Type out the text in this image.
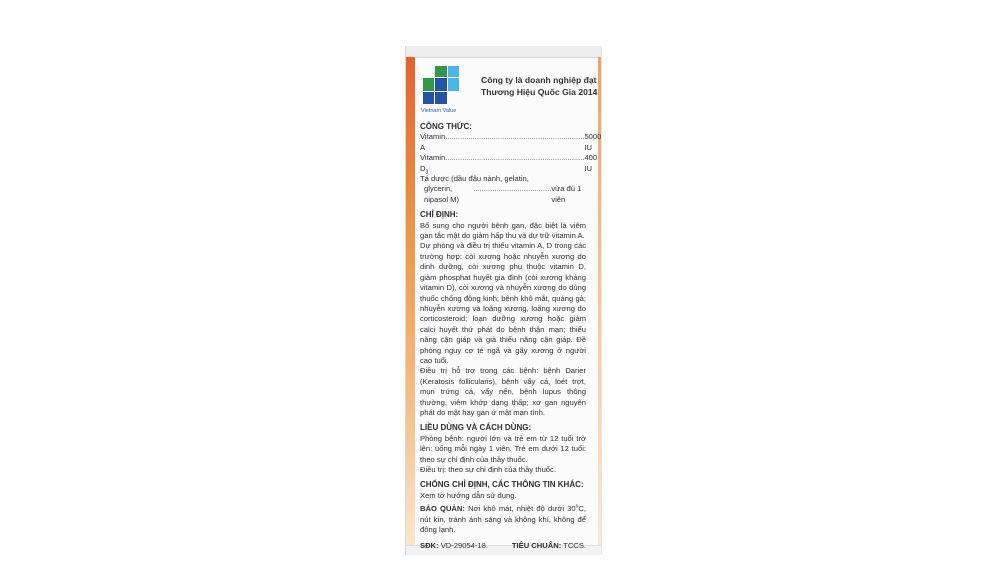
Vietnam Value
Công ty là doanh nghiệp đạt
Thương Hiệu Quốc Gia 2014
CÔNG THỨC:
Vitamin A
.................................................................. 5000 IU
Vitamin $D_3$
.................................................................. 400 IU
Tá dược (dầu đậu nành, gelatin,
glycerin, nipasol M)
..................................... vừa đủ 1 viên
CHỈ ĐỊNH:

Bổ sung cho người bệnh gan, đặc biệt là viêm gan tắc mật do giảm hấp thu và dự trữ vitamin A.

Dự phòng và điều trị thiếu vitamin A, D trong các trường hợp: còi xương hoặc nhuyễn xương do dinh dưỡng, còi xương phụ thuộc vitamin D, giảm phosphat huyết gia đình (còi xương kháng vitamin D), còi xương và nhuyễn xương do dùng thuốc chống động kinh; bệnh khô mắt, quáng gà; nhuyễn xương và loãng xương, loãng xương do corticosteroid; loạn dưỡng xương hoặc giảm calci huyết thứ phát do bệnh thận mạn; thiểu năng cận giáp và giả thiểu năng cận giáp. Đề phòng nguy cơ té ngã và gãy xương ở người cao tuổi.

Điều trị hỗ trợ trong các bệnh: bệnh Darier (Keratosis follicularis), bệnh vẩy cá, loét trợt, mụn trứng cá, vẩy nến, bệnh lupus thông thường, viêm khớp dạng thấp; xơ gan nguyên phát do mật hay gan ứ mật mạn tính.

LIỀU DÙNG VÀ CÁCH DÙNG:

Phòng bệnh: người lớn và trẻ em từ 12 tuổi trở lên: uống mỗi ngày 1 viên. Trẻ em dưới 12 tuổi: theo sự chỉ định của thầy thuốc.

Điều trị: theo sự chỉ định của thầy thuốc.

CHỐNG CHỈ ĐỊNH, CÁC THÔNG TIN KHÁC:

Xem tờ hướng dẫn sử dụng.

BẢO QUẢN: Nơi khô mát, nhiệt độ dưới 30$^o$C, nút kín, tránh ánh sáng và không khí, không để đông lạnh.

SĐK: VD-29054-18.	TIÊU CHUẨN: TCCS.
